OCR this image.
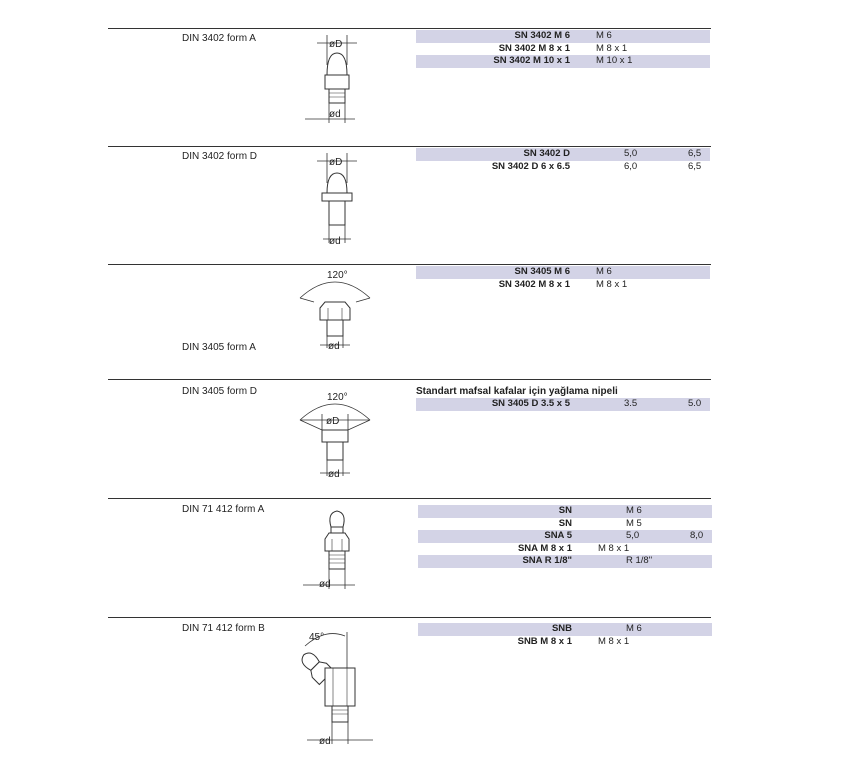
DIN 3402 form A
øD
ød
SN 3402 M 6	M 6
SN 3402 M 8 x 1	M 8 x 1
SN 3402 M 10 x 1	M 10 x 1
DIN 3402 form D
øD
ød
SN 3402 D	5,0	6,5
SN 3402 D 6 x 6.5	6,0	6,5
DIN 3405 form A
120°
ød
SN 3405 M 6	M 6
SN 3402 M 8 x 1	M 8 x 1
DIN 3405 form D	Standart mafsal kafalar için yağlama nipeli
120°
øD
ød
SN 3405 D 3.5 x 5	3.5	5.0
DIN 71 412 form A
ød
SN	M 6
SN	M 5
SNA 5	5,0	8,0
SNA M 8 x 1	M 8 x 1
SNA R 1/8"	R 1/8"
DIN 71 412 form B
45°
ød
SNB	M 6
SNB M 8 x 1	M 8 x 1
